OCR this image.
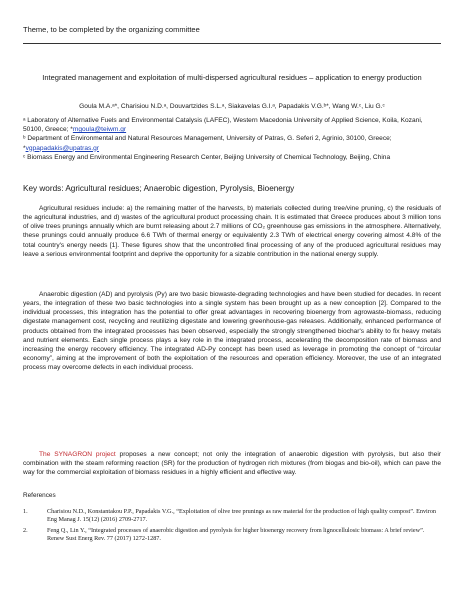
Theme, to be completed by the organizing committee
Integrated management and exploitation of multi-dispersed agricultural residues – application to energy production
Goula M.A.ᵃ*, Charisiou N.D.ᵃ, Douvartzides S.L.ᵃ, Siakavelas G.I.ᵃ, Papadakis V.G.ᵇ*, Wang W.ᶜ, Liu G.ᶜ

ᵃ Laboratory of Alternative Fuels and Environmental Catalysis (LAFEC), Western Macedonia University of Applied Science, Koila, Kozani, 50100, Greece; *mgoula@teiwm.gr

ᵇ Department of Environmental and Natural Resources Management, University of Patras, G. Seferi 2, Agrinio, 30100, Greece; *vgpapadakis@upatras.gr

ᶜ Biomass Energy and Environmental Engineering Research Center, Beijing University of Chemical Technology, Beijing, China

Key words: Agricultural residues; Anaerobic digestion, Pyrolysis, Bioenergy

Agricultural residues include: a) the remaining matter of the harvests, b) materials collected during tree/vine pruning, c) the residuals of the agricultural industries, and d) wastes of the agricultural product processing chain. It is estimated that Greece produces about 3 million tons of olive trees prunings annually which are burnt releasing about 2.7 millions of CO₂ greenhouse gas emissions in the atmosphere. Alternatively, these prunings could annually produce 6.6 TWh of thermal energy or equivalently 2.3 TWh of electrical energy covering almost 4.8% of the total country's energy needs [1]. These figures show that the uncontrolled final processing of any of the produced agricultural residues may leave a serious environmental footprint and deprive the opportunity for a sizable contribution in the national energy supply.

Anaerobic digestion (AD) and pyrolysis (Py) are two basic biowaste-degrading technologies and have been studied for decades. In recent years, the integration of these two basic technologies into a single system has been brought up as a new conception [2]. Compared to the individual processes, this integration has the potential to offer great advantages in recovering bioenergy from agrowaste-biomass, reducing digestate management cost, recycling and reutilizing digestate and lowering greenhouse-gas releases. Additionally, enhanced performance of products obtained from the integrated processes has been observed, especially the strongly strengthened biochar's ability to fix heavy metals and nutrient elements. Each single process plays a key role in the integrated process, accelerating the decomposition rate of biomass and increasing the energy recovery efficiency. The integrated AD-Py concept has been used as leverage in promoting the concept of “circular economy”, aiming at the improvement of both the exploitation of the resources and operation efficiency. Moreover, the use of an integrated process may overcome defects in each individual process.

The SYNAGRON project proposes a new concept; not only the integration of anaerobic digestion with pyrolysis, but also their combination with the steam reforming reaction (SR) for the production of hydrogen rich mixtures (from biogas and bio-oil), which can pave the way for the commercial exploitation of biomass residues in a highly efficient and effective way.

References
1.	Charisiou N.D., Konstantakou P.P., Papadakis V.G., “Exploitation of olive tree prunings as raw material for the production of high quality compost”. Environ Eng Manag J. 15(12) (2016) 2709-2717.
2.	Feng Q., Lin Y., “Integrated processes of anaerobic digestion and pyrolysis for higher bioenergy recovery from lignocellulosic biomass: A brief review”. Renew Sust Energ Rev. 77 (2017) 1272-1287.
